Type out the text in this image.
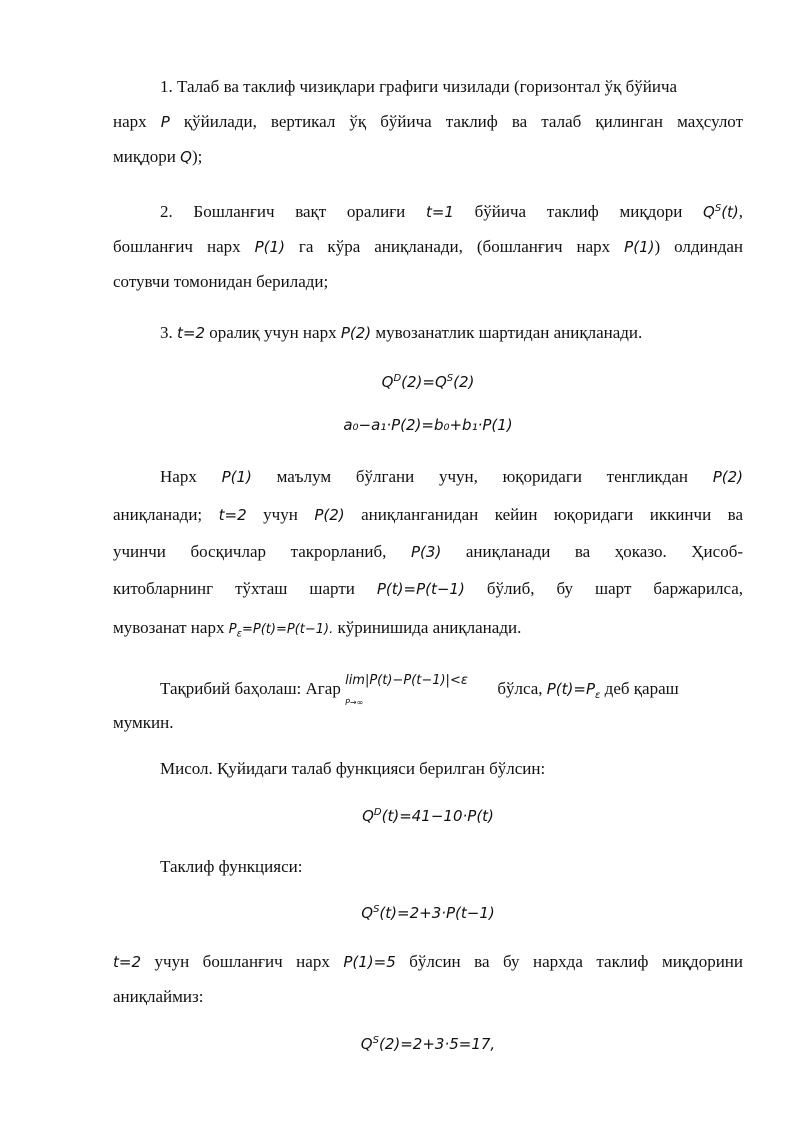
1. Талаб ва таклиф чизиқлари графиги чизилади (горизонтал ўқ бўйича
нарх P қўйилади, вертикал ўқ бўйича таклиф ва талаб қилинган маҳсулот
миқдори Q);
2. Бошланғич вақт оралиғи t=1 бўйича таклиф миқдори $Q^S(t)$,
бошланғич нарх P(1) га кўра аниқланади, (бошланғич нарх P(1)) олдиндан
сотувчи томонидан берилади;
3. t=2 оралиқ учун нарх P(2) мувозанатлик шартидан аниқланади.
$Q^D(2)=Q^S(2)$
a₀−a₁·P(2)=b₀+b₁·P(1)
Нарх P(1) маълум бўлгани учун, юқоридаги тенгликдан P(2)
аниқланади; t=2 учун P(2) аниқланганидан кейин юқоридаги иккинчи ва
учинчи босқичлар такрорланиб, P(3) аниқланади ва ҳоказо. Ҳисоб-
китобларнинг тўхташ шарти P(t)=P(t−1) бўлиб, бу шарт баржарилса,
мувозанат нарх $P_\varepsilon=P(t)=P(t-1)$. кўринишида аниқланади.
Тақрибий баҳолаш: Агар lim|P(t)−P(t−1)|<ε
P→∞
бўлса, $P(t)=P_\varepsilon$ деб қараш
мумкин.
Мисол. Қуйидаги талаб функцияси берилган бўлсин:
$Q^D(t)=41-10\cdot P(t)$
Таклиф функцияси:
$Q^S(t)=2+3\cdot P(t-1)$
t=2 учун бошланғич нарх P(1)=5 бўлсин ва бу нархда таклиф миқдорини
аниқлаймиз:
$Q^S(2)=2+3\cdot 5=17$,
